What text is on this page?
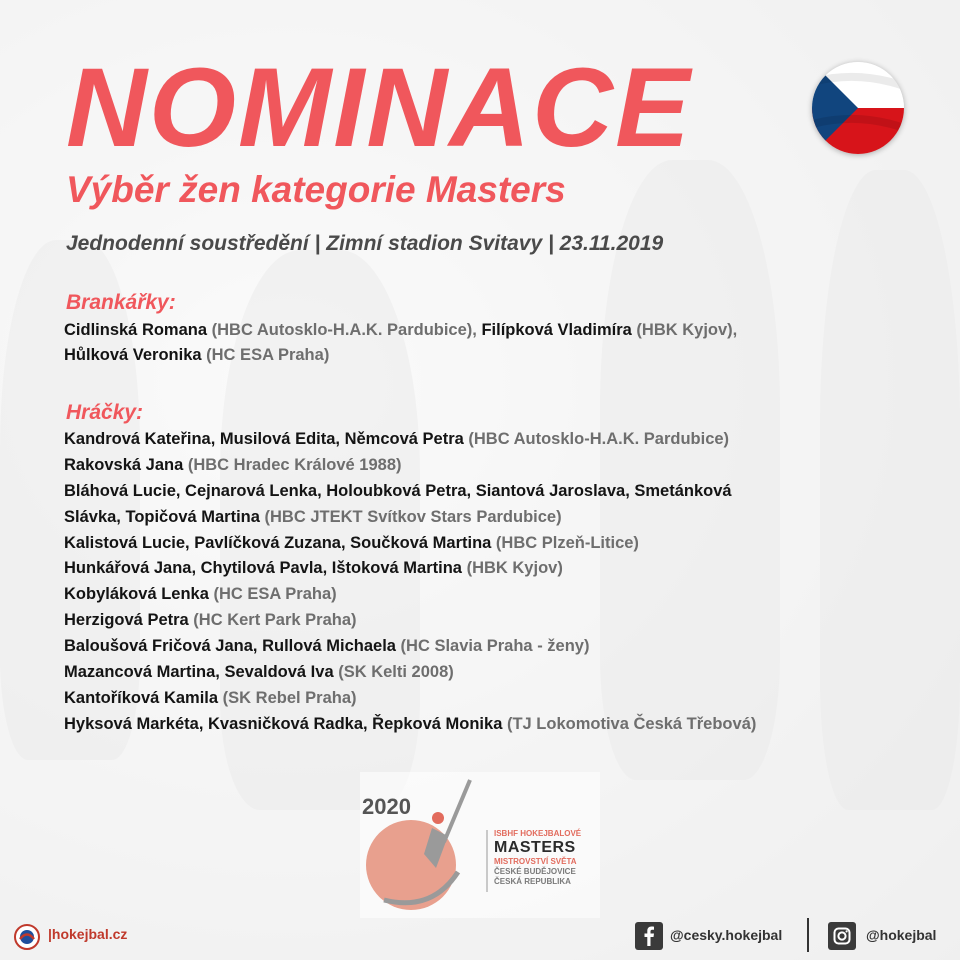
NOMINACE
Výběr žen kategorie Masters
Jednodenní soustředění | Zimní stadion Svitavy | 23.11.2019
Brankářky:
Cidlinská Romana (HBC Autosklo-H.A.K. Pardubice), Filípková Vladimíra (HBK Kyjov),
Hůlková Veronika (HC ESA Praha)
Hráčky:
Kandrová Kateřina, Musilová Edita, Němcová Petra (HBC Autosklo-H.A.K. Pardubice)
Rakovská Jana (HBC Hradec Králové 1988)
Bláhová Lucie, Cejnarová Lenka, Holoubková Petra, Siantová Jaroslava, Smetánková
Slávka, Topičová Martina (HBC JTEKT Svítkov Stars Pardubice)
Kalistová Lucie, Pavlíčková Zuzana, Součková Martina (HBC Plzeň-Litice)
Hunkářová Jana, Chytilová Pavla, Ištoková Martina (HBK Kyjov)
Kobyláková Lenka (HC ESA Praha)
Herzigová Petra (HC Kert Park Praha)
Baloušová Fričová Jana, Rullová Michaela (HC Slavia Praha - ženy)
Mazancová Martina, Sevaldová Iva (SK Kelti 2008)
Kantoříková Kamila (SK Rebel Praha)
Hyksová Markéta, Kvasničková Radka, Řepková Monika (TJ Lokomotiva Česká Třebová)
2020
ISBHF HOKEJBALOVÉ
MASTERS
MISTROVSTVÍ SVĚTA
ČESKÉ BUDĚJOVICE
ČESKÁ REPUBLIKA
|hokejbal.cz	@cesky.hokejbal	@hokejbal
